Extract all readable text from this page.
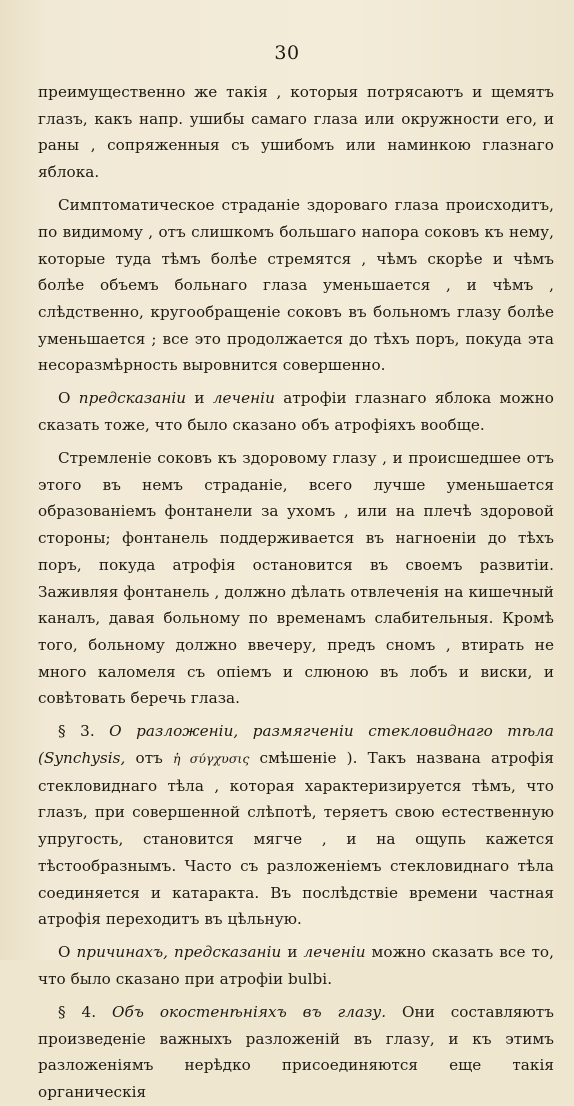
30

преимущественно же такія , которыя потрясаютъ и щемятъ глазъ, какъ напр. ушибы самаго глаза или окружности его, и раны , сопряженныя съ ушибомъ или наминкою глазнаго яблока.

Симптоматическое страданіе здороваго глаза происходитъ, по видимому , отъ слишкомъ большаго напора соковъ къ нему, которые туда тѣмъ болѣе стремятся , чѣмъ скорѣе и чѣмъ болѣе объемъ больнаго глаза уменьшается , и чѣмъ , слѣдственно, кругообращеніе соковъ въ больномъ глазу болѣе уменьшается ; все это продолжается до тѣхъ поръ, покуда эта несоразмѣрность выровнится совершенно.

О предсказаніи и леченіи атрофіи глазнаго яблока можно сказать тоже, что было сказано объ атрофіяхъ вообще.

Стремленіе соковъ къ здоровому глазу , и происшедшее отъ этого въ немъ страданіе, всего лучше уменьшается образованіемъ фонтанели за ухомъ , или на плечѣ здоровой стороны; фонтанель поддерживается въ нагноеніи до тѣхъ поръ, покуда атрофія остановится въ своемъ развитіи. Заживляя фонтанель , должно дѣлать отвлеченія на кишечный каналъ, давая больному по временамъ слабительныя. Кромѣ того, больному должно ввечеру, предъ сномъ , втирать не много каломеля съ опіемъ и слюною въ лобъ и виски, и совѣтовать беречь глаза.

§ 3. О разложеніи, размягченіи стекловиднаго тѣла (Synchysis, отъ ἡ σύγχυσις смѣшеніе ). Такъ названа атрофія стекловиднаго тѣла , которая характеризируется тѣмъ, что глазъ, при совершенной слѣпотѣ, теряетъ свою естественную упругость, становится мягче , и на ощупь кажется тѣстообразнымъ. Часто съ разложеніемъ стекловиднаго тѣла соединяется и катаракта. Въ послѣдствіе времени частная атрофія переходитъ въ цѣльную.

О причинахъ, предсказаніи и леченіи можно сказать все то, что было сказано при атрофіи bulbi.

§ 4. Объ окостенѣніяхъ въ глазу. Они составляютъ произведеніе важныхъ разложеній въ глазу, и къ этимъ разложеніямъ нерѣдко присоединяются еще такія органическія
